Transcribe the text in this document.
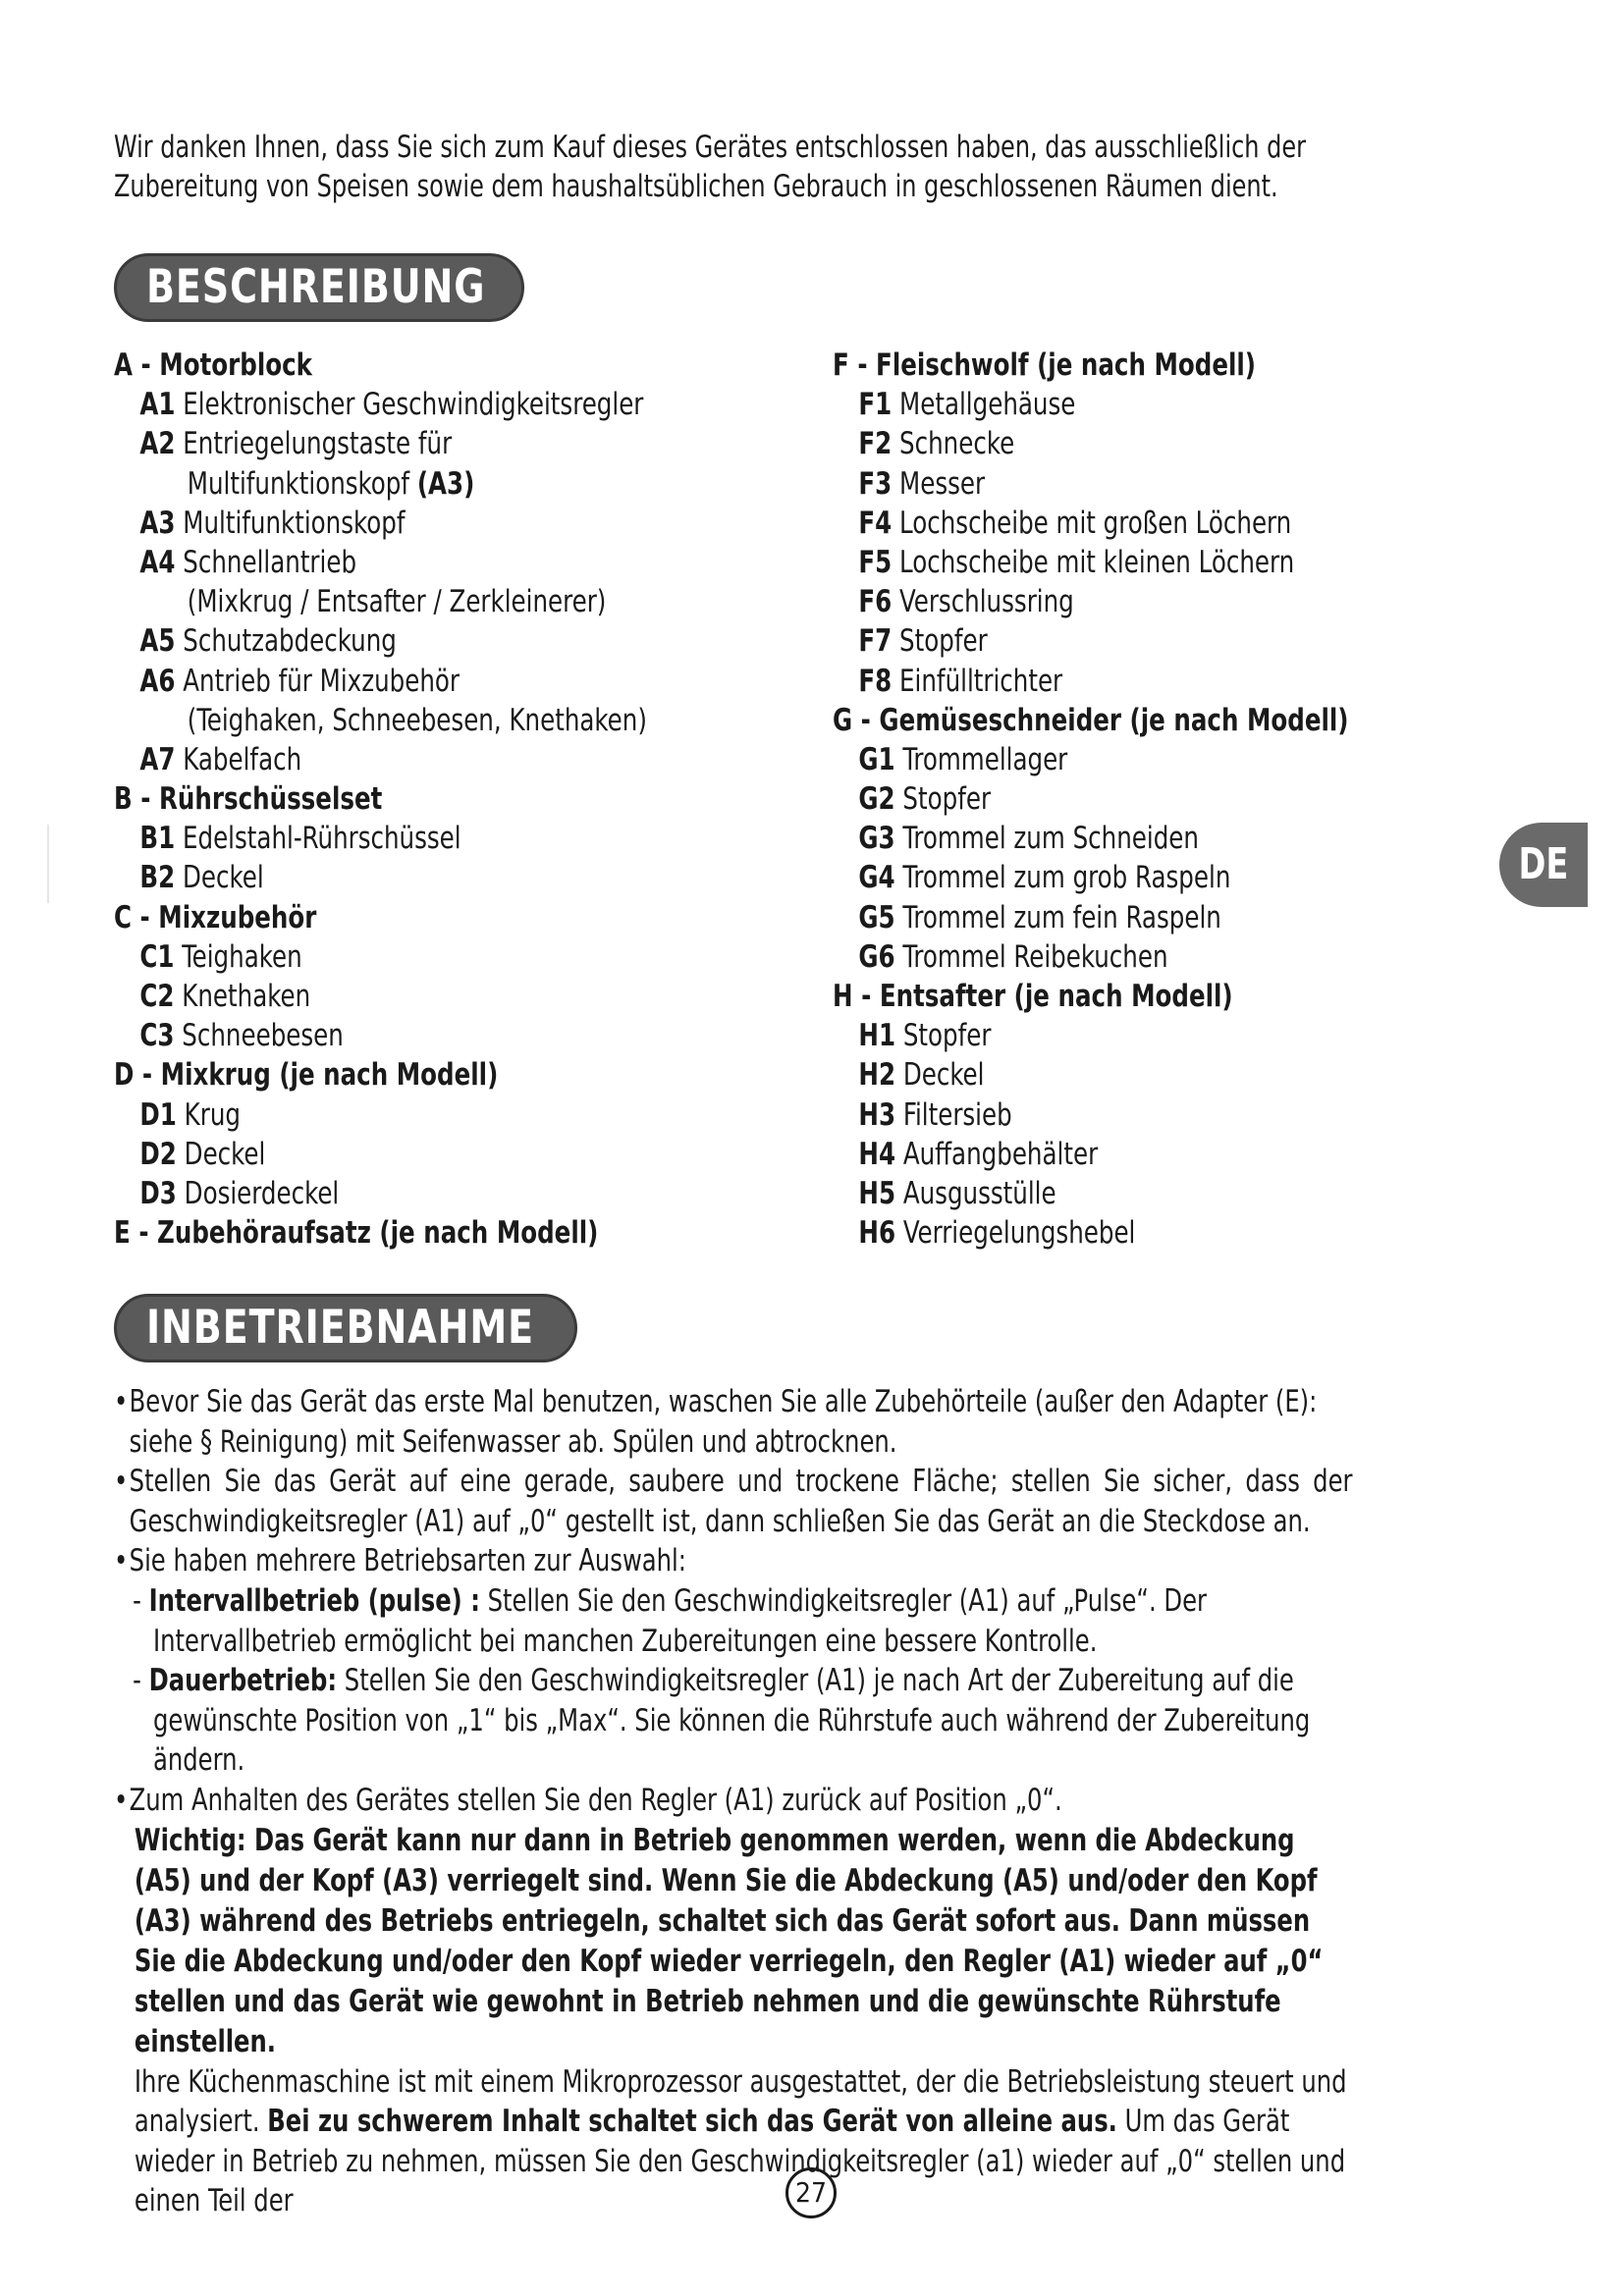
Wir danken Ihnen, dass Sie sich zum Kauf dieses Gerätes entschlossen haben, das ausschließlich der Zubereitung von Speisen sowie dem haushaltsüblichen Gebrauch in geschlossenen Räumen dient.
BESCHREIBUNG
A - Motorblock
A1 Elektronischer Geschwindigkeitsregler
A2 Entriegelungstaste für
Multifunktionskopf (A3)
A3 Multifunktionskopf
A4 Schnellantrieb
(Mixkrug / Entsafter / Zerkleinerer)
A5 Schutzabdeckung
A6 Antrieb für Mixzubehör
(Teighaken, Schneebesen, Knethaken)
A7 Kabelfach
B - Rührschüsselset
B1 Edelstahl-Rührschüssel
B2 Deckel
C - Mixzubehör
C1 Teighaken
C2 Knethaken
C3 Schneebesen
D - Mixkrug (je nach Modell)
D1 Krug
D2 Deckel
D3 Dosierdeckel
E - Zubehöraufsatz (je nach Modell)
F - Fleischwolf (je nach Modell)
F1 Metallgehäuse
F2 Schnecke
F3 Messer
F4 Lochscheibe mit großen Löchern
F5 Lochscheibe mit kleinen Löchern
F6 Verschlussring
F7 Stopfer
F8 Einfülltrichter
G - Gemüseschneider (je nach Modell)
G1 Trommellager
G2 Stopfer
G3 Trommel zum Schneiden
G4 Trommel zum grob Raspeln
G5 Trommel zum fein Raspeln
G6 Trommel Reibekuchen
H - Entsafter (je nach Modell)
H1 Stopfer
H2 Deckel
H3 Filtersieb
H4 Auffangbehälter
H5 Ausgusstülle
H6 Verriegelungshebel
DE
INBETRIEBNAHME
• Bevor Sie das Gerät das erste Mal benutzen, waschen Sie alle Zubehörteile (außer den Adapter (E): siehe § Reinigung) mit Seifenwasser ab. Spülen und abtrocknen.
• Stellen Sie das Gerät auf eine gerade, saubere und trockene Fläche; stellen Sie sicher, dass der Geschwindigkeitsregler (A1) auf „0“ gestellt ist, dann schließen Sie das Gerät an die Steckdose an.
• Sie haben mehrere Betriebsarten zur Auswahl:
- Intervallbetrieb (pulse) : Stellen Sie den Geschwindigkeitsregler (A1) auf „Pulse“. Der Intervallbetrieb ermöglicht bei manchen Zubereitungen eine bessere Kontrolle.
- Dauerbetrieb: Stellen Sie den Geschwindigkeitsregler (A1) je nach Art der Zubereitung auf die gewünschte Position von „1“ bis „Max“. Sie können die Rührstufe auch während der Zubereitung ändern.
• Zum Anhalten des Gerätes stellen Sie den Regler (A1) zurück auf Position „0“.
Wichtig: Das Gerät kann nur dann in Betrieb genommen werden, wenn die Abdeckung (A5) und der Kopf (A3) verriegelt sind. Wenn Sie die Abdeckung (A5) und/oder den Kopf (A3) während des Betriebs entriegeln, schaltet sich das Gerät sofort aus. Dann müssen Sie die Abdeckung und/oder den Kopf wieder verriegeln, den Regler (A1) wieder auf „0“ stellen und das Gerät wie gewohnt in Betrieb nehmen und die gewünschte Rührstufe einstellen.
Ihre Küchenmaschine ist mit einem Mikroprozessor ausgestattet, der die Betriebsleistung steuert und analysiert. Bei zu schwerem Inhalt schaltet sich das Gerät von alleine aus. Um das Gerät wieder in Betrieb zu nehmen, müssen Sie den Geschwindigkeitsregler (a1) wieder auf „0“ stellen und einen Teil der	27
